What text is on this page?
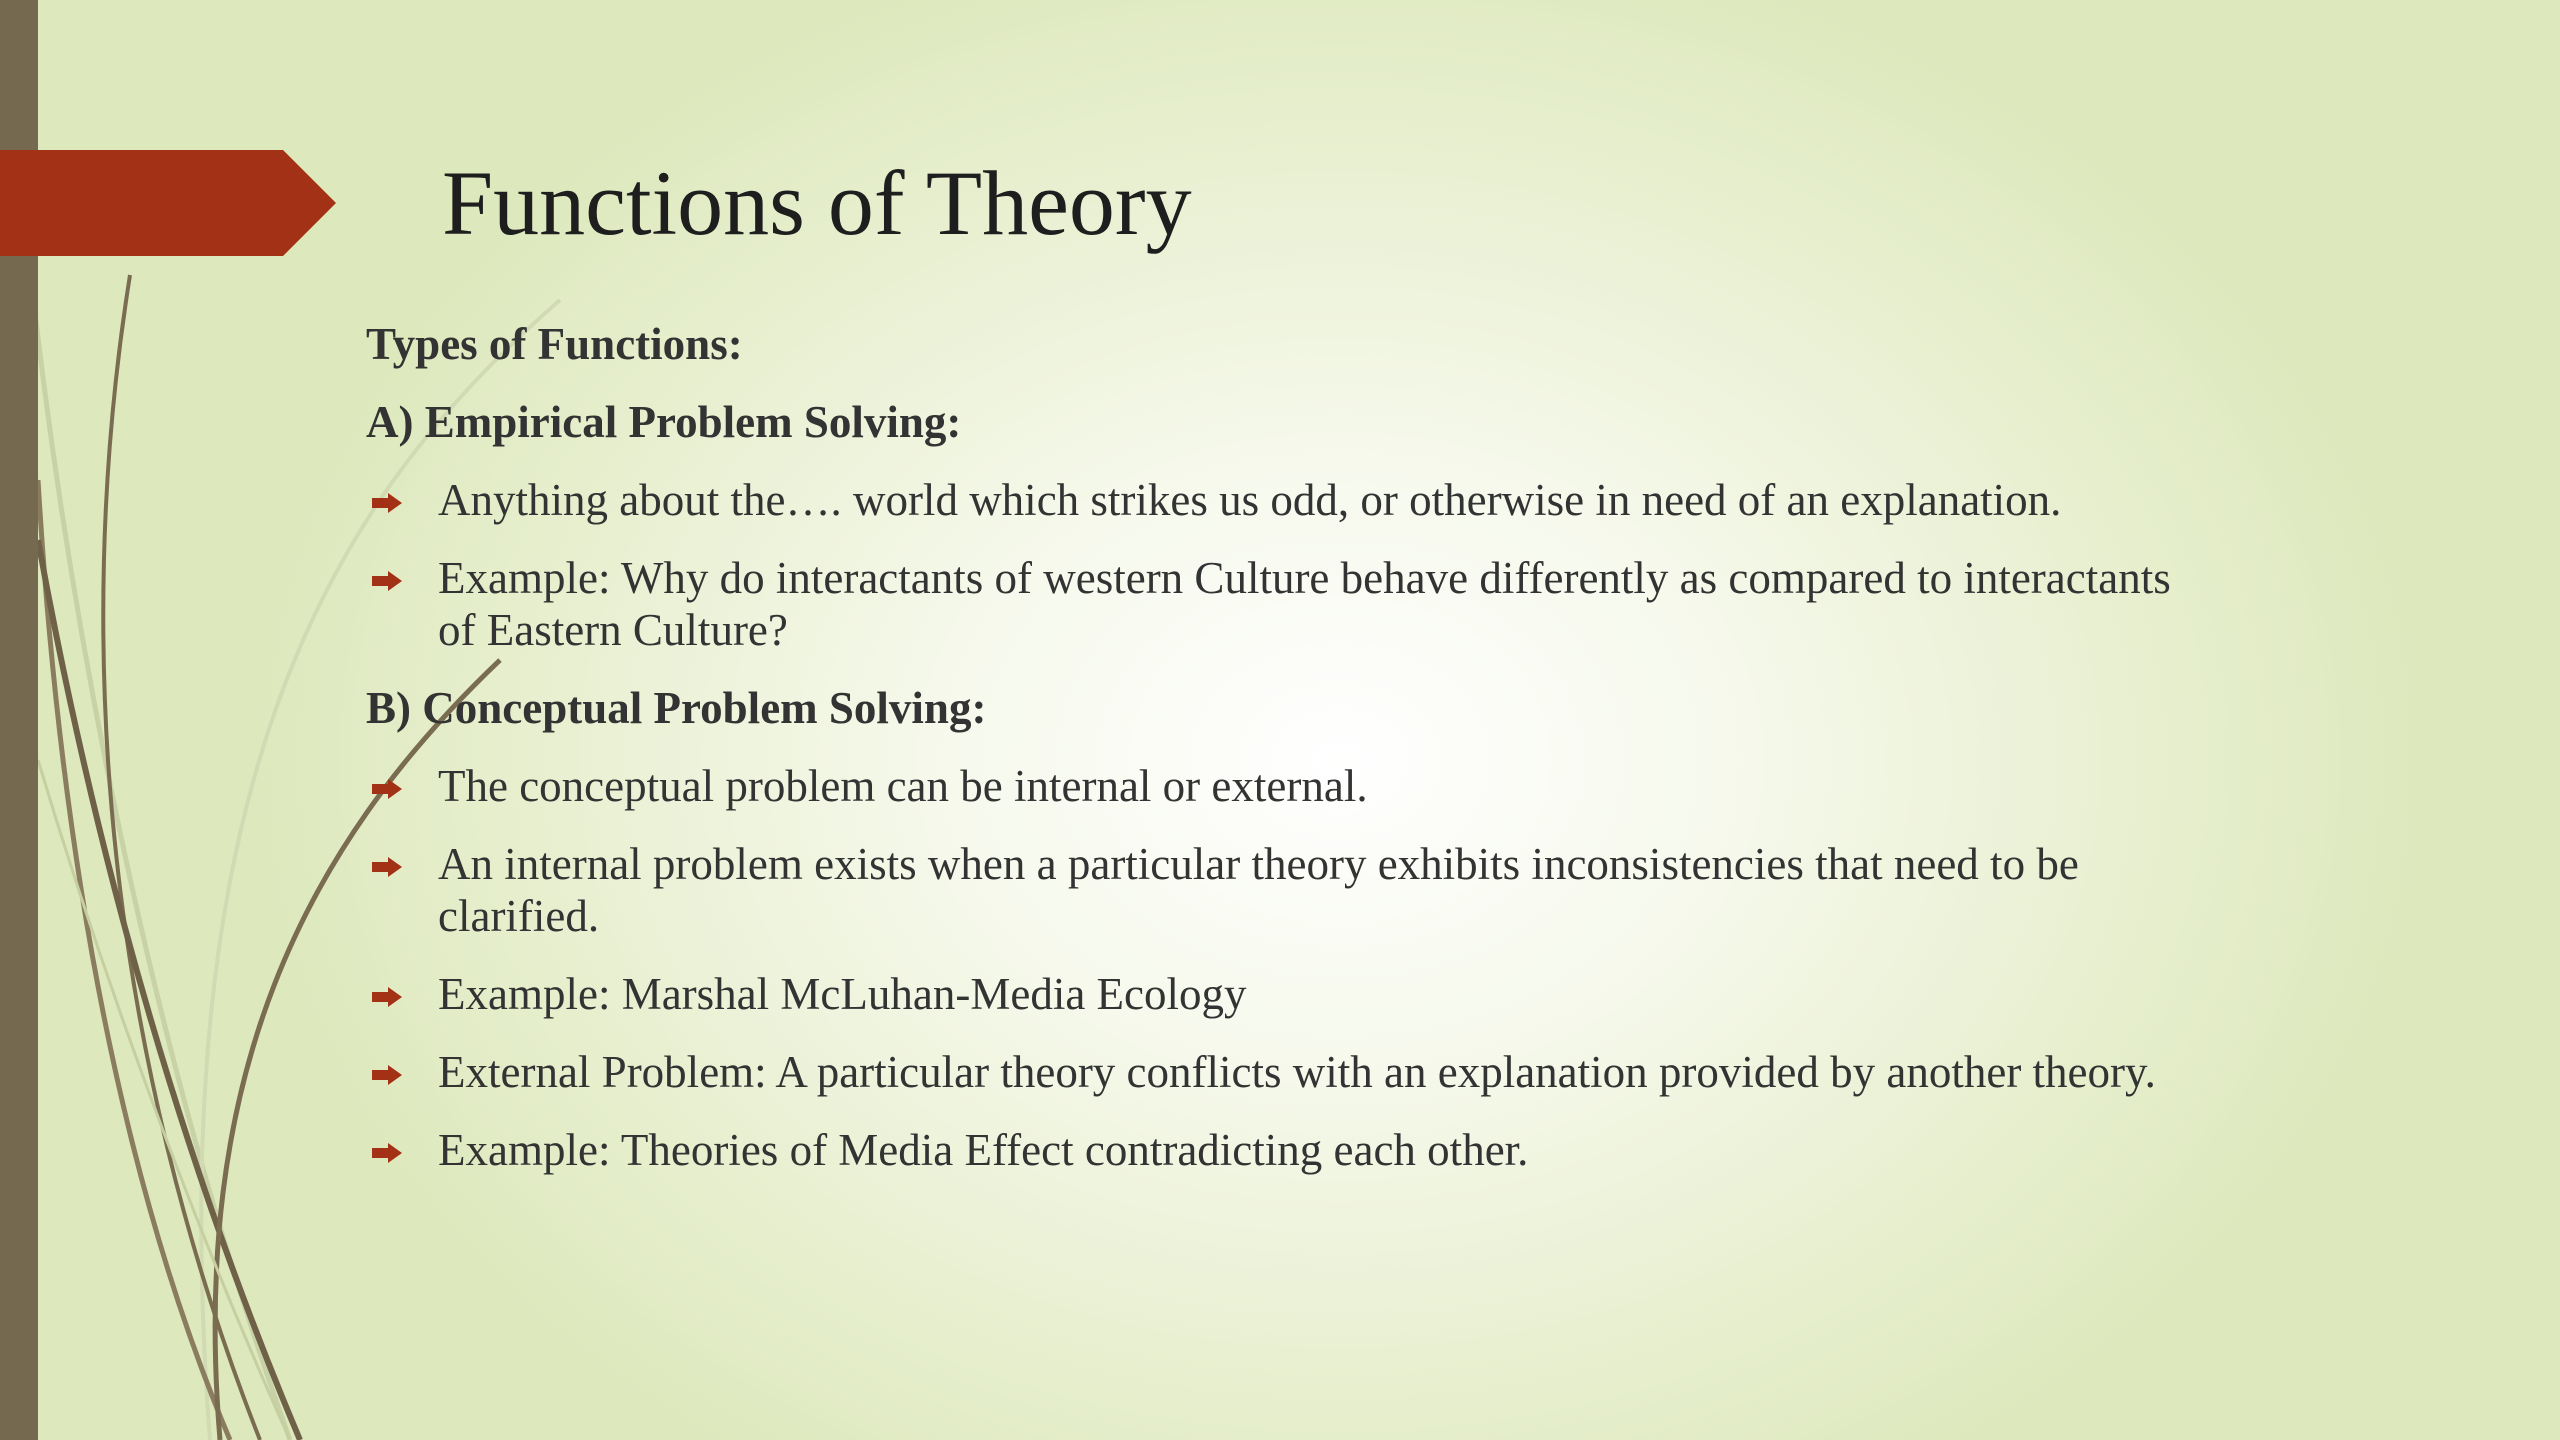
Functions of Theory
Types of Functions:
A) Empirical Problem Solving:
Anything about the…. world which strikes us odd, or otherwise in need of an explanation.
Example: Why do interactants of western Culture behave differently as compared to interactants of Eastern Culture?
B) Conceptual Problem Solving:
The conceptual problem can be internal or external.
An internal problem exists when a particular theory exhibits inconsistencies that need to be clarified.
Example: Marshal McLuhan-Media Ecology
External Problem: A particular theory conflicts with an explanation provided by another theory.
Example: Theories of Media Effect contradicting each other.
